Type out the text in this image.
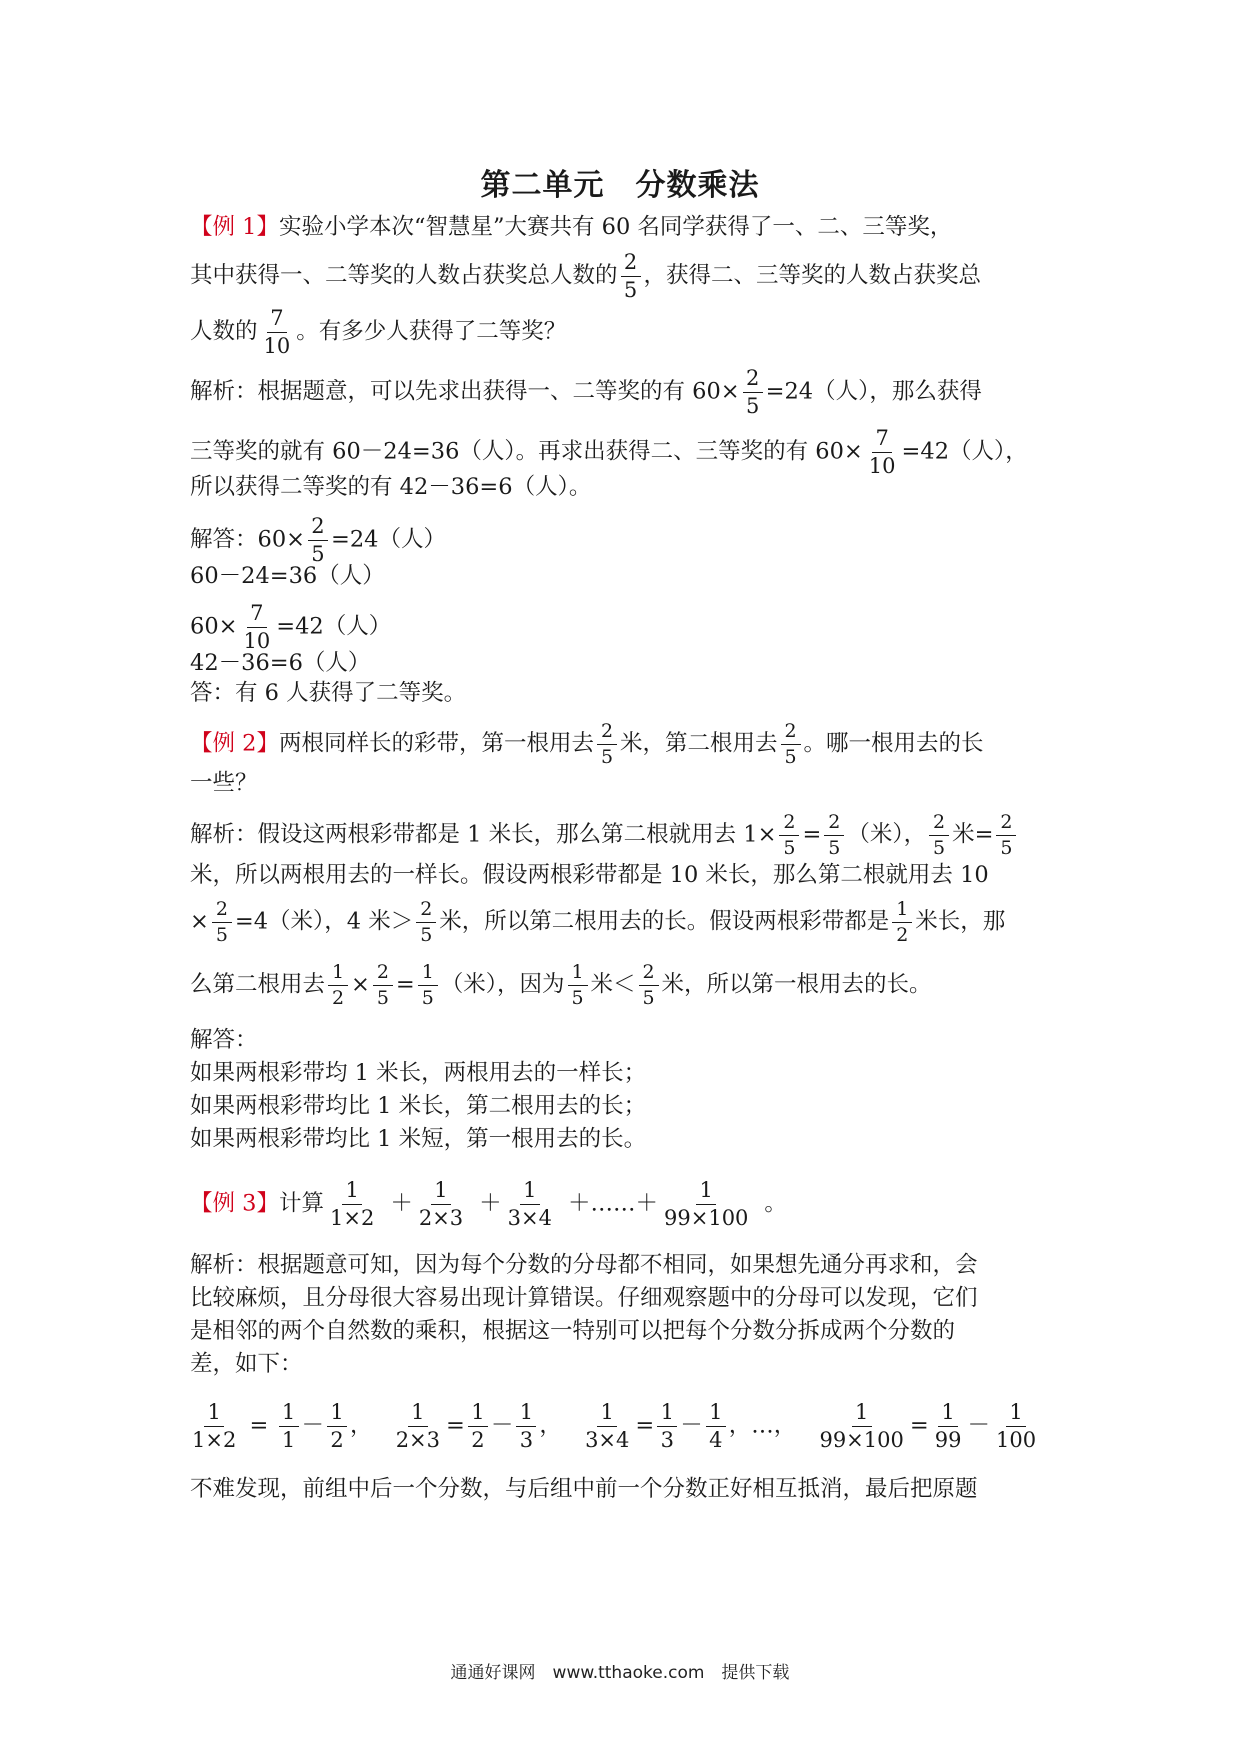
第二单元　分数乘法
【例 1】实验小学本次“智慧星”大赛共有 60 名同学获得了一、二、三等奖，
其中获得一、二等奖的人数占获奖总人数的 $\frac{2}{5}$ ，获得二、三等奖的人数占获奖总
人数的 $\frac{7}{10}$ 。有多少人获得了二等奖？
解析：根据题意，可以先求出获得一、二等奖的有 $60\times \frac{2}{5} =24$（人），那么获得
三等奖的就有 60－24=36（人）。再求出获得二、三等奖的有 $60\times \frac{7}{10} =42$（人），
所以获得二等奖的有 42－36=6（人）。
解答：$60\times \frac{2}{5} =24$（人）
60－24=36（人）
$60\times \frac{7}{10} =42$（人）
42－36=6（人）
答：有 6 人获得了二等奖。
【例 2】两根同样长的彩带，第一根用去 $\frac{2}{5}$ 米，第二根用去 $\frac{2}{5}$ 。哪一根用去的长
一些？
解析：假设这两根彩带都是 1 米长，那么第二根就用去 $1\times \frac{2}{5} = \frac{2}{5}$ （米）， $\frac{2}{5}$ 米= $\frac{2}{5}$
米，所以两根用去的一样长。假设两根彩带都是 10 米长，那么第二根就用去 10
× $\frac{2}{5} =4$（米），4 米＞ $\frac{2}{5}$ 米，所以第二根用去的长。假设两根彩带都是 $\frac{1}{2}$ 米长，那
么第二根用去 $\frac{1}{2} \times \frac{2}{5} = \frac{1}{5}$ （米），因为 $\frac{1}{5}$ 米＜ $\frac{2}{5}$ 米，所以第一根用去的长。
解答：
如果两根彩带均 1 米长，两根用去的一样长；
如果两根彩带均比 1 米长，第二根用去的长；
如果两根彩带均比 1 米短，第一根用去的长。
【例 3】计算 $\frac{1}{1\times 2} + \frac{1}{2\times 3} + \frac{1}{3\times 4}$ ＋……＋ $\frac{1}{99\times 100}$ 。
解析：根据题意可知，因为每个分数的分母都不相同，如果想先通分再求和，会
比较麻烦，且分母很大容易出现计算错误。仔细观察题中的分母可以发现，它们
是相邻的两个自然数的乘积，根据这一特别可以把每个分数分拆成两个分数的
差，如下：
$\frac{1}{1\times 2} = \frac{1}{1} - \frac{1}{2}$ ， $\frac{1}{2\times 3} = \frac{1}{2} - \frac{1}{3}$ ， $\frac{1}{3\times 4} = \frac{1}{3} - \frac{1}{4}$ ，…， $\frac{1}{99\times 100} = \frac{1}{99} - \frac{1}{100}$
不难发现，前组中后一个分数，与后组中前一个分数正好相互抵消，最后把原题
通通好课网　www.tthaoke.com　提供下载
